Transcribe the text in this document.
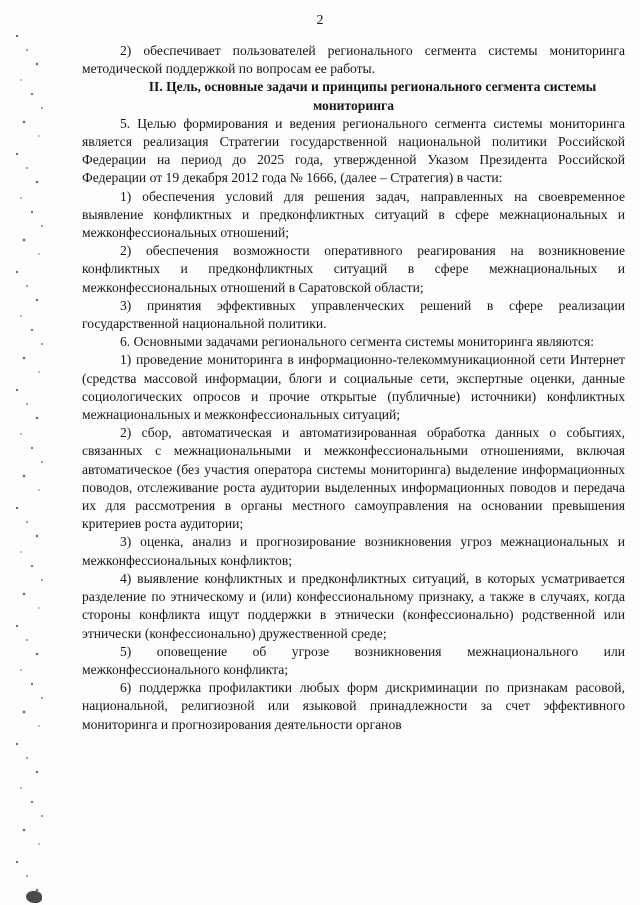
2

2) обеспечивает пользователей регионального сегмента системы мониторинга методической поддержкой по вопросам ее работы.

II. Цель, основные задачи и принципы регионального сегмента системы мониторинга

5. Целью формирования и ведения регионального сегмента системы мониторинга является реализация Стратегии государственной национальной политики Российской Федерации на период до 2025 года, утвержденной Указом Президента Российской Федерации от 19 декабря 2012 года № 1666, (далее – Стратегия) в части:

1) обеспечения условий для решения задач, направленных на своевременное выявление конфликтных и предконфликтных ситуаций в сфере межнациональных и межконфессиональных отношений;

2) обеспечения возможности оперативного реагирования на возникновение конфликтных и предконфликтных ситуаций в сфере межнациональных и межконфессиональных отношений в Саратовской области;

3) принятия эффективных управленческих решений в сфере реализации государственной национальной политики.

6. Основными задачами регионального сегмента системы мониторинга являются:

1) проведение мониторинга в информационно-телекоммуникационной сети Интернет (средства массовой информации, блоги и социальные сети, экспертные оценки, данные социологических опросов и прочие открытые (публичные) источники) конфликтных межнациональных и межконфессиональных ситуаций;

2) сбор, автоматическая и автоматизированная обработка данных о событиях, связанных с межнациональными и межконфессиональными отношениями, включая автоматическое (без участия оператора системы мониторинга) выделение информационных поводов, отслеживание роста аудитории выделенных информационных поводов и передача их для рассмотрения в органы местного самоуправления на основании превышения критериев роста аудитории;

3) оценка, анализ и прогнозирование возникновения угроз межнациональных и межконфессиональных конфликтов;

4) выявление конфликтных и предконфликтных ситуаций, в которых усматривается разделение по этническому и (или) конфессиональному признаку, а также в случаях, когда стороны конфликта ищут поддержки в этнически (конфессионально) родственной или этнически (конфессионально) дружественной среде;

5) оповещение об угрозе возникновения межнационального или межконфессионального конфликта;

6) поддержка профилактики любых форм дискриминации по признакам расовой, национальной, религиозной или языковой принадлежности за счет эффективного мониторинга и прогнозирования деятельности органов
